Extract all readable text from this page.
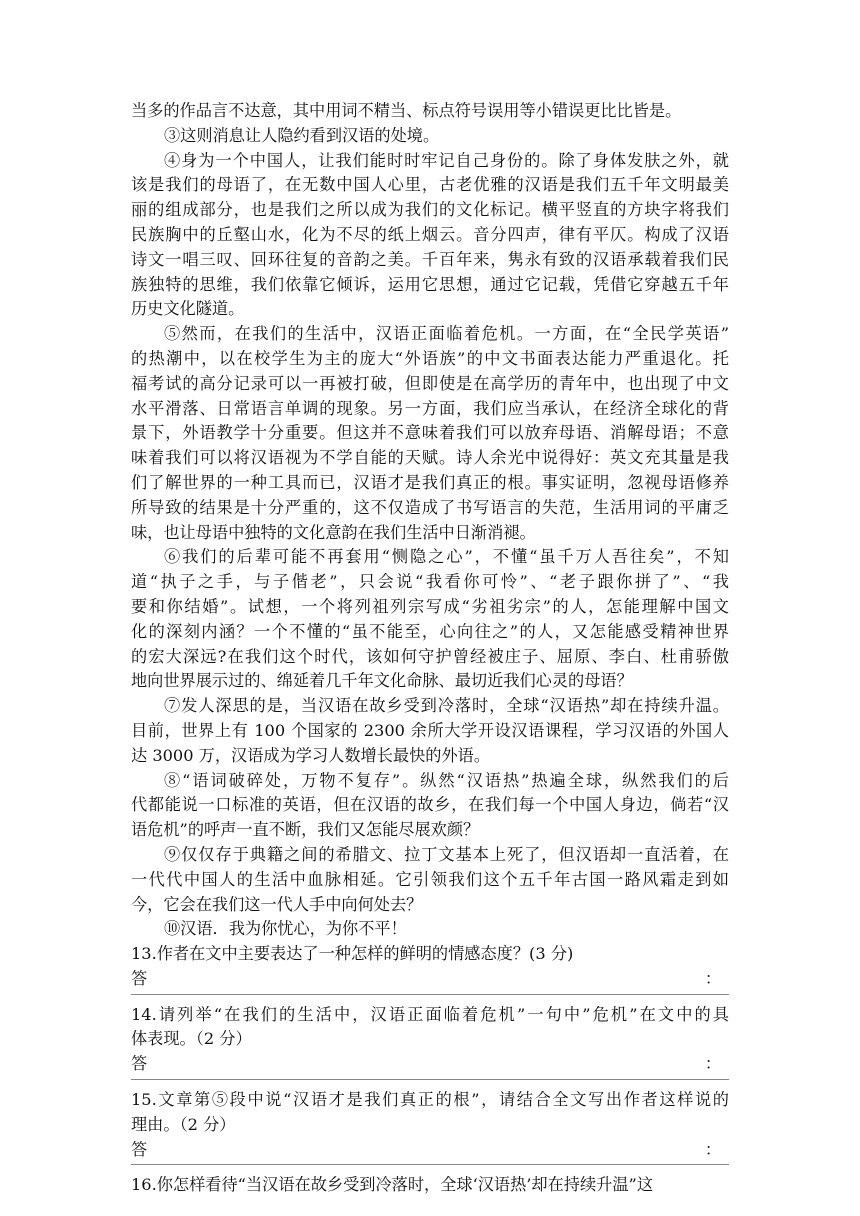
当多的作品言不达意，其中用词不精当、标点符号误用等小错误更比比皆是。
③这则消息让人隐约看到汉语的处境。
④身为一个中国人，让我们能时时牢记自己身份的。除了身体发肤之外，就
该是我们的母语了，在无数中国人心里，古老优雅的汉语是我们五千年文明最美
丽的组成部分，也是我们之所以成为我们的文化标记。横平竖直的方块字将我们
民族胸中的丘壑山水，化为不尽的纸上烟云。音分四声，律有平仄。构成了汉语
诗文一唱三叹、回环往复的音韵之美。千百年来，隽永有致的汉语承载着我们民
族独特的思维，我们依靠它倾诉，运用它思想，通过它记载，凭借它穿越五千年
历史文化隧道。
⑤然而，在我们的生活中，汉语正面临着危机。一方面，在“全民学英语”
的热潮中，以在校学生为主的庞大“外语族”的中文书面表达能力严重退化。托
福考试的高分记录可以一再被打破，但即使是在高学历的青年中，也出现了中文
水平滑落、日常语言单调的现象。另一方面，我们应当承认，在经济全球化的背
景下，外语教学十分重要。但这并不意味着我们可以放弃母语、消解母语；不意
味着我们可以将汉语视为不学自能的天赋。诗人余光中说得好：英文充其量是我
们了解世界的一种工具而已，汉语才是我们真正的根。事实证明，忽视母语修养
所导致的结果是十分严重的，这不仅造成了书写语言的失范，生活用词的平庸乏
味，也让母语中独特的文化意韵在我们生活中日渐消褪。
⑥我们的后辈可能不再套用“恻隐之心”，不懂“虽千万人吾往矣”，不知
道“执子之手，与子偕老”，只会说“我看你可怜”、“老子跟你拼了”、“我
要和你结婚”。试想，一个将列祖列宗写成“劣祖劣宗”的人，怎能理解中国文
化的深刻内涵？一个不懂的“虽不能至，心向往之”的人，又怎能感受精神世界
的宏大深远?在我们这个时代，该如何守护曾经被庄子、屈原、李白、杜甫骄傲
地向世界展示过的、绵延着几千年文化命脉、最切近我们心灵的母语？
⑦发人深思的是，当汉语在故乡受到冷落时，全球“汉语热”却在持续升温。
目前，世界上有 100 个国家的 2300 余所大学开设汉语课程，学习汉语的外国人
达 3000 万，汉语成为学习人数增长最快的外语。
⑧“语词破碎处，万物不复存”。纵然“汉语热”热遍全球，纵然我们的后
代都能说一口标准的英语，但在汉语的故乡，在我们每一个中国人身边，倘若“汉
语危机”的呼声一直不断，我们又怎能尽展欢颜？
⑨仅仅存于典籍之间的希腊文、拉丁文基本上死了，但汉语却一直活着，在
一代代中国人的生活中血脉相延。它引领我们这个五千年古国一路风霜走到如
今，它会在我们这一代人手中向何处去？
⑩汉语．我为你忧心，为你不平！
13.作者在文中主要表达了一种怎样的鲜明的情感态度？(3 分)
答	：
14.请列举“在我们的生活中，汉语正面临着危机”一句中”危机”在文中的具
体表现。（2 分）
答	：
15.文章第⑤段中说“汉语才是我们真正的根”，请结合全文写出作者这样说的
理由。（2 分）
答	：
16.你怎样看待“当汉语在故乡受到冷落时，全球‘汉语热’却在持续升温”这
